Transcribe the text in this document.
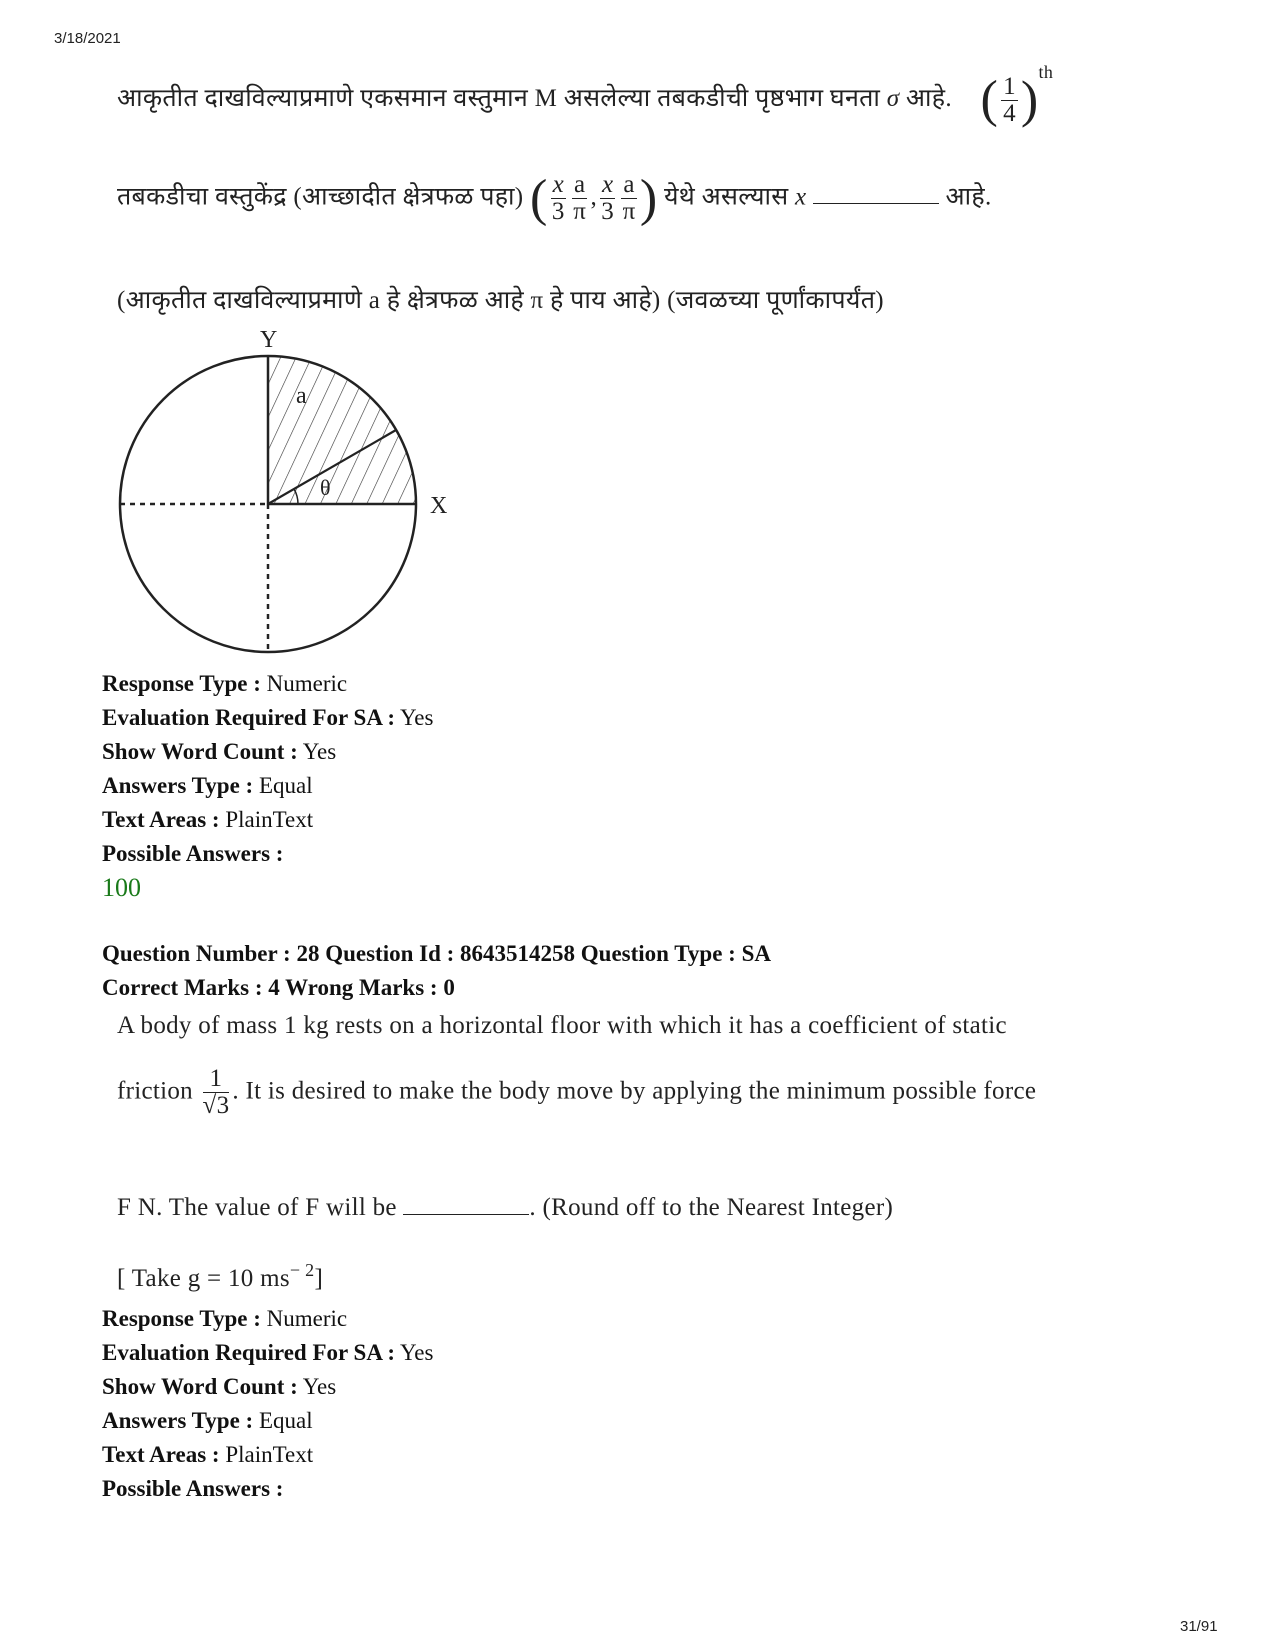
3/18/2021
आकृतीत दाखविल्याप्रमाणे एकसमान वस्तुमान M असलेल्या तबकडीची पृष्ठभाग घनता σ आहे. ( $\frac{1}{4} )^{th}$
तबकडीचा वस्तुकेंद्र (आच्छादीत क्षेत्रफळ पहा) ( $\frac{x}{3} \frac{a}{\pi}$ , $\frac{x}{3} \frac{a}{\pi}$ ) येथे असल्यास x	आहे.
(आकृतीत दाखविल्याप्रमाणे a हे क्षेत्रफळ आहे π हे पाय आहे) (जवळच्या पूर्णांकापर्यंत)
Y
X
a
θ
Response Type : Numeric
Evaluation Required For SA : Yes
Show Word Count : Yes
Answers Type : Equal
Text Areas : PlainText
Possible Answers :
100
Question Number : 28 Question Id : 8643514258 Question Type : SA
Correct Marks : 4 Wrong Marks : 0
A body of mass 1 kg rests on a horizontal floor with which it has a coefficient of static
friction $\frac{1}{√3}$ . It is desired to make the body move by applying the minimum possible force
F N. The value of F will be	. (Round off to the Nearest Integer)
[ Take g = 10 $ms^{- 2}$]
Response Type : Numeric
Evaluation Required For SA : Yes
Show Word Count : Yes
Answers Type : Equal
Text Areas : PlainText
Possible Answers :
31/91
